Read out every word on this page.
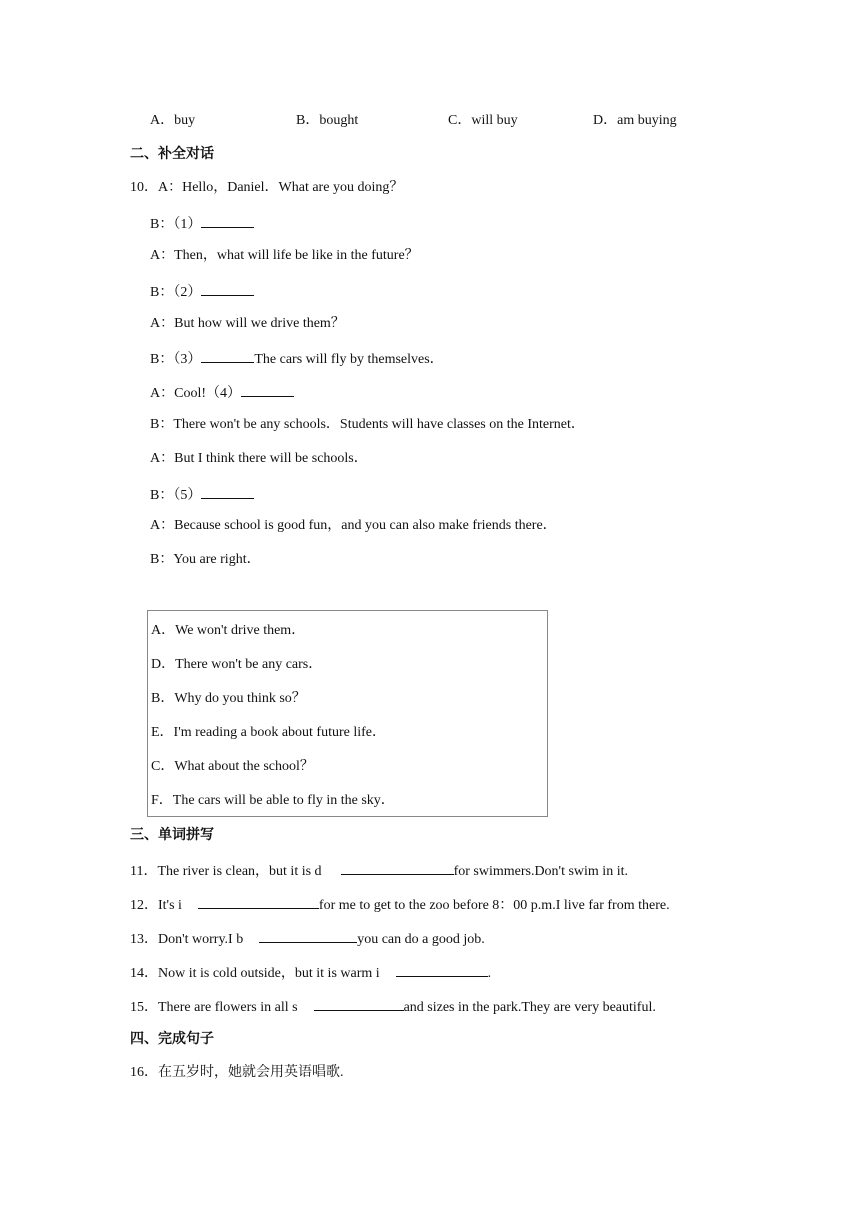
A．buy	B．bought	C．will buy	D．am buying
二、补全对话
10．A：Hello，Daniel．What are you doing？
B：（1）
A：Then，what will life be like in the future？
B：（2）
A：But how will we drive them？
B：（3）	The cars will fly by themselves．
A：Cool!（4）
B：There won't be any schools．Students will have classes on the Internet．
A：But I think there will be schools．
B：（5）
A：Because school is good fun，and you can also make friends there．
B：You are right．
A．We won't drive them．
D．There won't be any cars．
B．Why do you think so？
E．I'm reading a book about future life．
C．What about the school？
F．The cars will be able to fly in the sky．
三、单词拼写
11．The river is clean，but it is d	for swimmers.Don't swim in it.
12．It's i	for me to get to the zoo before 8：00 p.m.I live far from there.
13．Don't worry.I b	you can do a good job.
14．Now it is cold outside，but it is warm i	.
15．There are flowers in all s	and sizes in the park.They are very beautiful.
四、完成句子
16．在五岁时，她就会用英语唱歌.
